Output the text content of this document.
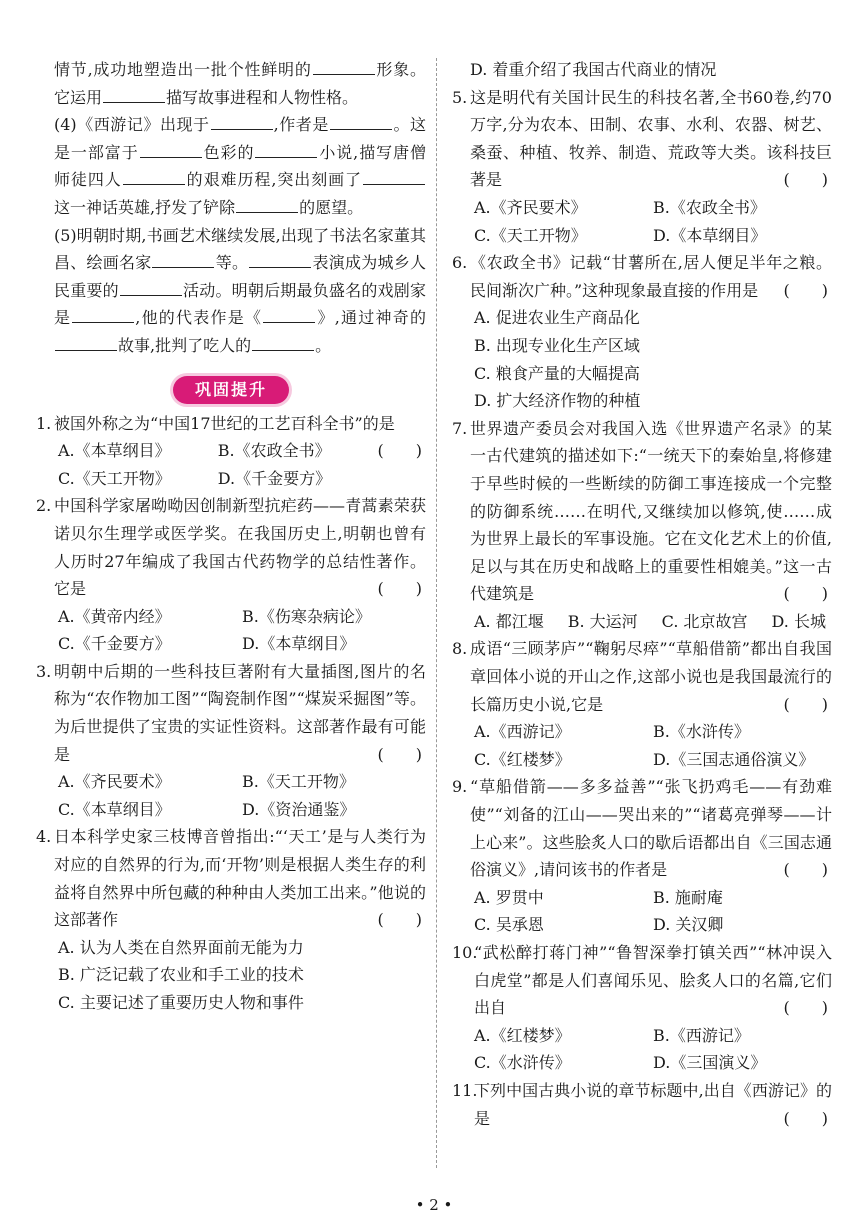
情节,成功地塑造出一批个性鲜明的	形象。它运用	描写故事进程和人物性格。

(4)《西游记》出现于	,作者是	。这是一部富于	色彩的	小说,描写唐僧师徒四人	的艰难历程,突出刻画了这一神话英雄,抒发了铲除	的愿望。

(5)明朝时期,书画艺术继续发展,出现了书法名家董其昌、绘画名家	等。	表演成为城乡人民重要的	活动。明朝后期最负盛名的戏剧家是	,他的代表作是《	》,通过神奇的故事,批判了吃人的	。

巩固提升
1. 被国外称之为“中国17世纪的工艺百科全书”的是
(　　)
A.《本草纲目》	B.《农政全书》
C.《天工开物》	D.《千金要方》
2. 中国科学家屠呦呦因创制新型抗疟药——青蒿素荣获诺贝尔生理学或医学奖。在我国历史上,明朝也曾有人历时27年编成了我国古代药物学的总结性著作。它是	(　　)
A.《黄帝内经》	B.《伤寒杂病论》
C.《千金要方》	D.《本草纲目》
3. 明朝中后期的一些科技巨著附有大量插图,图片的名称为“农作物加工图”“陶瓷制作图”“煤炭采掘图”等。为后世提供了宝贵的实证性资料。这部著作最有可能是	(　　)
A.《齐民要术》	B.《天工开物》
C.《本草纲目》	D.《资治通鉴》
4. 日本科学史家三枝博音曾指出:“‘天工’是与人类行为对应的自然界的行为,而‘开物’则是根据人类生存的利益将自然界中所包藏的种种由人类加工出来。”他说的这部著作	(　　)
A. 认为人类在自然界面前无能为力
B. 广泛记载了农业和手工业的技术
C. 主要记述了重要历史人物和事件
D. 着重介绍了我国古代商业的情况
5. 这是明代有关国计民生的科技名著,全书60卷,约70万字,分为农本、田制、农事、水利、农器、树艺、桑蚕、种植、牧养、制造、荒政等大类。该科技巨著是	(　　)
A.《齐民要术》	B.《农政全书》
C.《天工开物》	D.《本草纲目》
6. 《农政全书》记载“甘薯所在,居人便足半年之粮。民间渐次广种。”这种现象最直接的作用是 (　　)
A. 促进农业生产商品化
B. 出现专业化生产区域
C. 粮食产量的大幅提高
D. 扩大经济作物的种植
7. 世界遗产委员会对我国入选《世界遗产名录》的某一古代建筑的描述如下:“一统天下的秦始皇,将修建于早些时候的一些断续的防御工事连接成一个完整的防御系统……在明代,又继续加以修筑,使……成为世界上最长的军事设施。它在文化艺术上的价值,足以与其在历史和战略上的重要性相媲美。”这一古代建筑是	(　　)
A. 都江堰 B. 大运河 C. 北京故宫 D. 长城
8. 成语“三顾茅庐”“鞠躬尽瘁”“草船借箭”都出自我国章回体小说的开山之作,这部小说也是我国最流行的长篇历史小说,它是	(　　)
A.《西游记》	B.《水浒传》
C.《红楼梦》	D.《三国志通俗演义》
9. “草船借箭——多多益善”“张飞扔鸡毛——有劲难使”“刘备的江山——哭出来的”“诸葛亮弹琴——计上心来”。这些脍炙人口的歇后语都出自《三国志通俗演义》,请问该书的作者是	(　　)
A. 罗贯中	B. 施耐庵
C. 吴承恩	D. 关汉卿
10.
“武松醉打蒋门神”“鲁智深拳打镇关西”“林冲误入白虎堂”都是人们喜闻乐见、脍炙人口的名篇,它们出自	(　　)
A.《红楼梦》	B.《西游记》
C.《水浒传》	D.《三国演义》
11.
下列中国古典小说的章节标题中,出自《西游记》的是	(　　)
• 2 •
